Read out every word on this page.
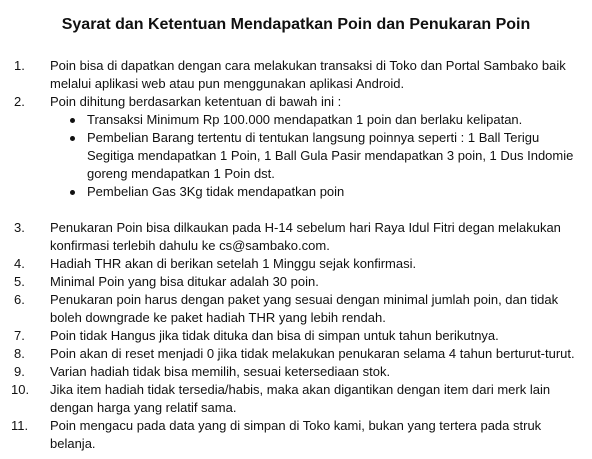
Syarat dan Ketentuan Mendapatkan Poin dan Penukaran Poin
1.	Poin bisa di dapatkan dengan cara melakukan transaksi di Toko dan Portal Sambako baik melalui aplikasi web atau pun menggunakan aplikasi Android.
2.	Poin dihitung berdasarkan ketentuan di bawah ini :
Transaksi Minimum Rp 100.000 mendapatkan 1 poin dan berlaku kelipatan.
Pembelian Barang tertentu di tentukan langsung poinnya seperti : 1 Ball Terigu Segitiga mendapatkan 1 Poin, 1 Ball Gula Pasir mendapatkan 3 poin, 1 Dus Indomie goreng mendapatkan 1 Poin dst.
Pembelian Gas 3Kg tidak mendapatkan poin
3.	Penukaran Poin bisa dilkaukan pada H-14 sebelum hari Raya Idul Fitri degan melakukan konfirmasi terlebih dahulu ke cs@sambako.com.
4.	Hadiah THR akan di berikan setelah 1 Minggu sejak konfirmasi.
5.	Minimal Poin yang bisa ditukar adalah 30 poin.
6.	Penukaran poin harus dengan paket yang sesuai dengan minimal jumlah poin, dan tidak boleh downgrade ke paket hadiah THR yang lebih rendah.
7.	Poin tidak Hangus jika tidak dituka dan bisa di simpan untuk tahun berikutnya.
8.	Poin akan di reset menjadi 0 jika tidak melakukan penukaran selama 4 tahun berturut-turut.
9.	Varian hadiah tidak bisa memilih, sesuai ketersediaan stok.
10.	Jika item hadiah tidak tersedia/habis, maka akan digantikan dengan item dari merk lain dengan harga yang relatif sama.
11.	Poin mengacu pada data yang di simpan di Toko kami, bukan yang tertera pada struk belanja.
